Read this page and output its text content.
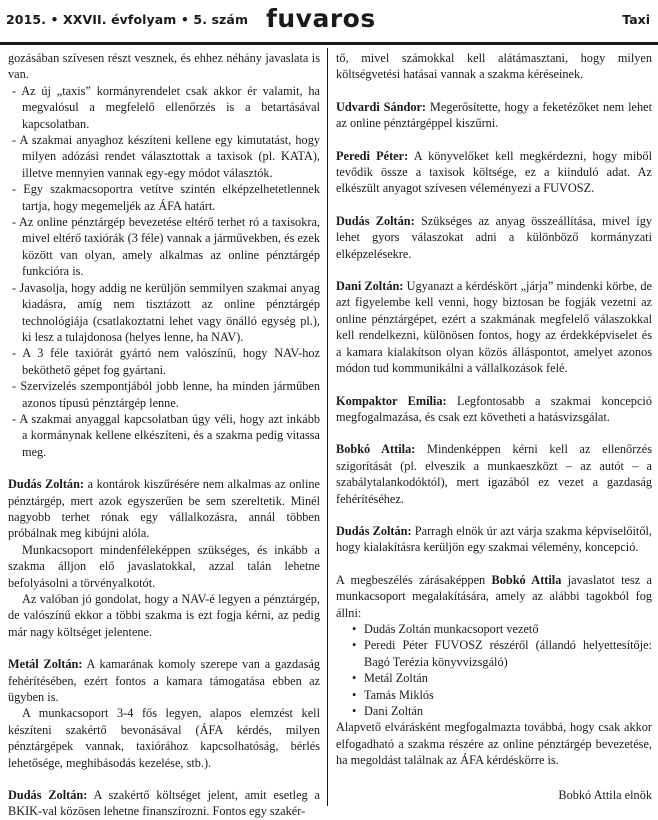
2015. • XXVII. évfolyam • 5. szám fuvaros	Taxi

gozásában szívesen részt vesznek, és ehhez néhány javaslata is van.

- Az új „taxis” kormányrendelet csak akkor ér valamit, ha megvalósul a megfelelő ellenőrzés is a betartásával kapcsolatban.

- A szakmai anyaghoz készíteni kellene egy kimutatást, hogy milyen adózási rendet választottak a taxisok (pl. KATA), illetve mennyien vannak egy-egy módot választók.

- Egy szakmacsoportra vetítve szintén elképzelhetetlennek tartja, hogy megemeljék az ÁFA határt.

- Az online pénztárgép bevezetése eltérő terhet ró a taxisokra, mivel eltérő taxiórák (3 féle) vannak a járművekben, és ezek között van olyan, amely alkalmas az online pénztárgép funkcióra is.

- Javasolja, hogy addig ne kerüljön semmilyen szakmai anyag kiadásra, amíg nem tisztázott az online pénztárgép technológiája (csatlakoztatni lehet vagy önálló egység pl.), ki lesz a tulajdonosa (helyes lenne, ha NAV).

- A 3 féle taxiórát gyártó nem valószínű, hogy NAV-hoz beköthető gépet fog gyártani.

- Szervizelés szempontjából jobb lenne, ha minden járműben azonos típusú pénztárgép lenne.

- A szakmai anyaggal kapcsolatban úgy véli, hogy azt inkább a kormánynak kellene elkészíteni, és a szakma pedig vitassa meg.

Dudás Zoltán: a kontárok kiszűrésére nem alkalmas az online pénztárgép, mert azok egyszerűen be sem szereltetik. Minél nagyobb terhet rónak egy vállalkozásra, annál többen próbálnak meg kibújni alóla.

Munkacsoport mindenféleképpen szükséges, és inkább a szakma álljon elő javaslatokkal, azzal talán lehetne befolyásolni a törvényalkotót.

Az valóban jó gondolat, hogy a NAV-é legyen a pénztárgép, de valószínű ekkor a többi szakma is ezt fogja kérni, az pedig már nagy költséget jelentene.

Metál Zoltán: A kamarának komoly szerepe van a gazdaság fehérítésében, ezért fontos a kamara támogatása ebben az ügyben is.

A munkacsoport 3-4 fős legyen, alapos elemzést kell készíteni szakértő bevonásával (ÁFA kérdés, milyen pénztárgépek vannak, taxiórához kapcsolhatóság, bérlés lehetősége, meghibásodás kezelése, stb.).

Dudás Zoltán: A szakértő költséget jelent, amit esetleg a BKIK-val közösen lehetne finanszírozni. Fontos egy szakér-

tő, mivel számokkal kell alátámasztani, hogy milyen költségvetési hatásai vannak a szakma kéréseinek.

Udvardi Sándor: Megerősítette, hogy a feketézőket nem lehet az online pénztárgéppel kiszűrni.

Peredi Péter: A könyvelőket kell megkérdezni, hogy miből tevődik össze a taxisok költsége, ez a kiinduló adat. Az elkészült anyagot szívesen véleményezi a FUVOSZ.

Dudás Zoltán: Szükséges az anyag összeállítása, mivel így lehet gyors válaszokat adni a különböző kormányzati elképzelésekre.

Dani Zoltán: Ugyanazt a kérdéskört „járja” mindenki körbe, de azt figyelembe kell venni, hogy biztosan be fogják vezetni az online pénztárgépet, ezért a szakmának megfelelő válaszokkal kell rendelkezni, különösen fontos, hogy az érdekképviselet és a kamara kialakítson olyan közös álláspontot, amelyet azonos módon tud kommunikálni a vállalkozások felé.

Kompaktor Emília: Legfontosabb a szakmai koncepció megfogalmazása, és csak ezt követheti a hatásvizsgálat.

Bobkó Attila: Mindenképpen kérni kell az ellenőrzés szigorítását (pl. elveszik a munkaeszközt – az autót – a szabálytalankodóktól), mert igazából ez vezet a gazdaság fehérítéséhez.

Dudás Zoltán: Parragh elnök úr azt várja szakma képviselőitől, hogy kialakításra kerüljön egy szakmai vélemény, koncepció.

A megbeszélés zárásaképpen Bobkó Attila javaslatot tesz a munkacsoport megalakítására, amely az alábbi tagokból fog állni:

• Dudás Zoltán munkacsoport vezető
• Peredi Péter FUVOSZ részéről (állandó helyettesítője: Bagó Terézia könyvvizsgáló)
• Metál Zoltán
• Tamás Miklós
• Dani Zoltán

Alapvető elvárásként megfogalmazta továbbá, hogy csak akkor elfogadható a szakma részére az online pénztárgép bevezetése, ha megoldást találnak az ÁFA kérdéskörre is.

Bobkó Attila elnök
